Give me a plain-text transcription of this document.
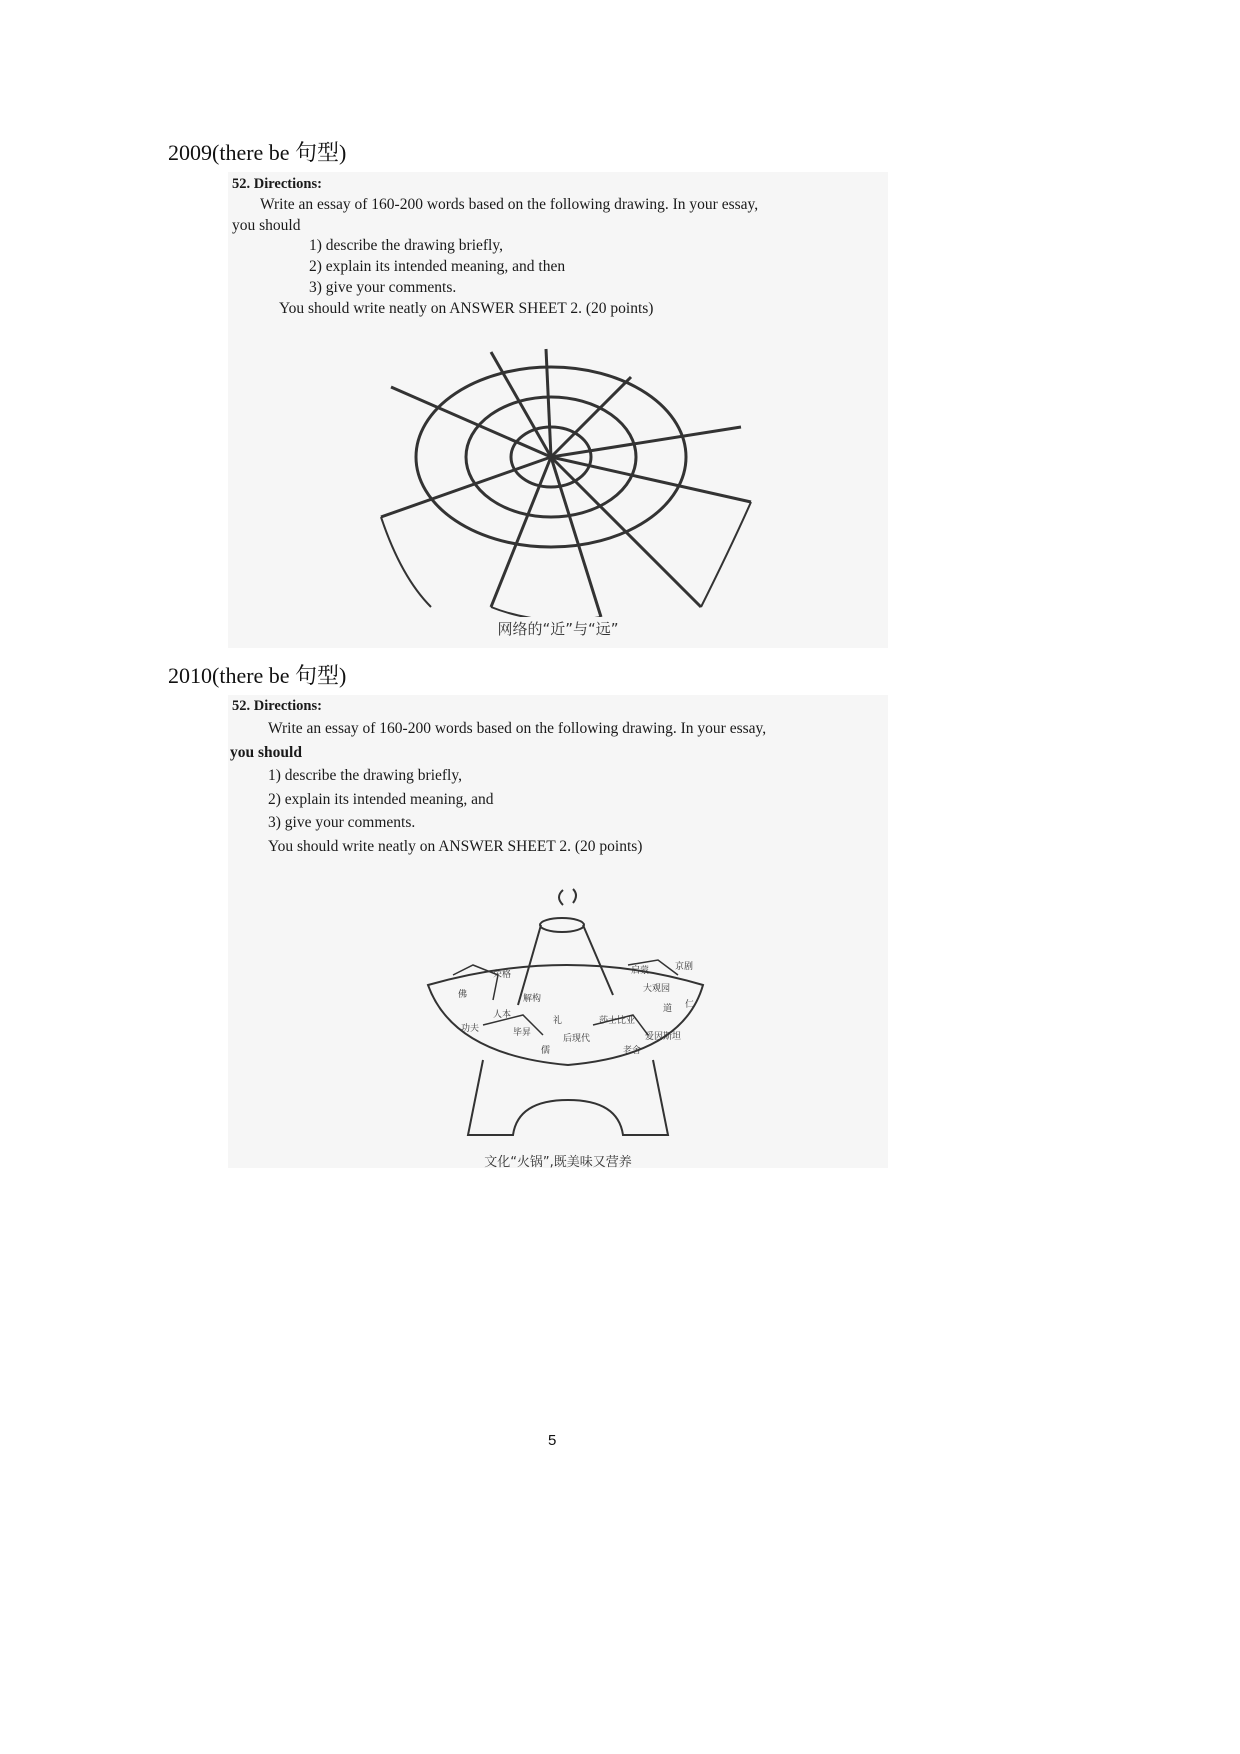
2009(there be 句型)
52. Directions:
Write an essay of 160-200 words based on the following drawing. In your essay,
you should
1) describe the drawing briefly,
2) explain its intended meaning, and then
3) give your comments.
You should write neatly on ANSWER SHEET 2. (20 points)
网络的“近”与“远”
2010(there be 句型)
52. Directions:
Write an essay of 160-200 words based on the following drawing. In your essay,
you should
1) describe the drawing briefly,
2) explain its intended meaning, and
3) give your comments.
You should write neatly on ANSWER SHEET 2. (20 points)
佛
荣格
解构
人本
功夫	毕昇
儒
礼
后现代
老舍
莎士比亚
爱因斯坦
道 仁
启蒙	京剧
大观园
文化“火锅”,既美味又营养
5
